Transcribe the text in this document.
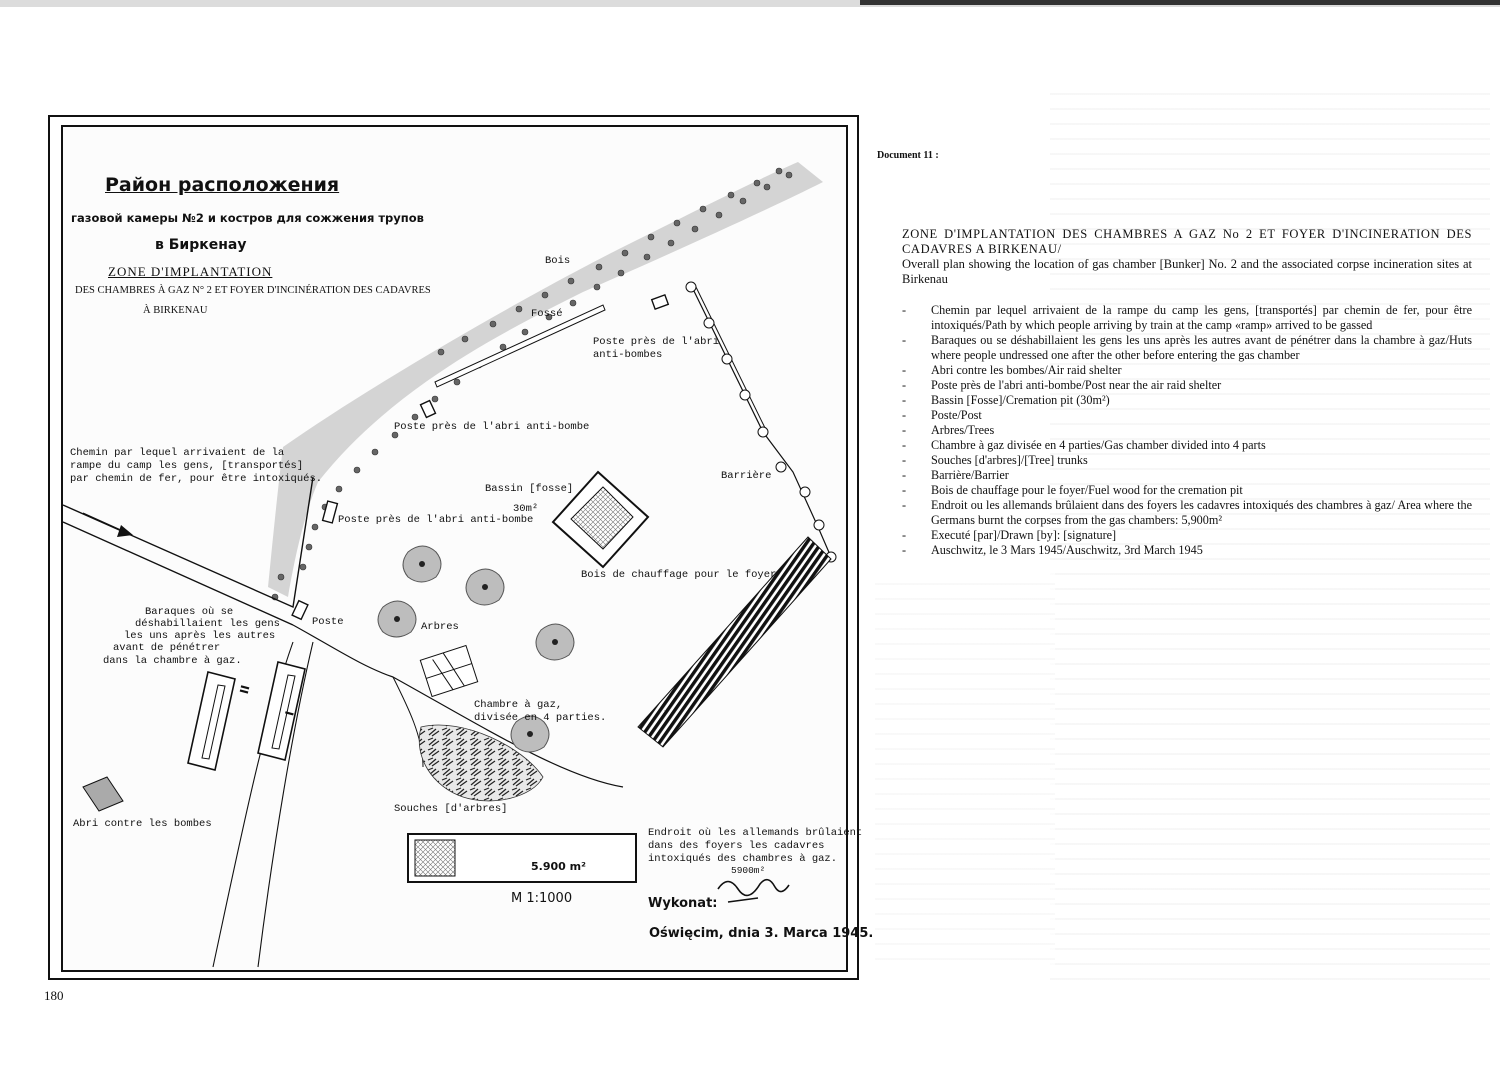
Район расположения
газовой камеры №2 и костров для сожжения трупов
в Биркенау
ZONE D'IMPLANTATION
DES CHAMBRES À GAZ N° 2 ET FOYER D'INCINÉRATION DES CADAVRES
À BIRKENAU
Bois
Fossé
Poste près de l'abri
anti-bombes
Poste près de l'abri anti-bombe
Chemin par lequel arrivaient de la
rampe du camp les gens, [transportés]
par chemin de fer, pour être intoxiqués.
Bassin [fosse]
30m²
Barrière
Poste près de l'abri anti-bombe
Bois de chauffage pour le foyer
Poste	Arbres
Baraques où se
déshabillaient les gens
les uns après les autres
avant de pénétrer
dans la chambre à gaz.
II
I
Chambre à gaz,
divisée en 4 parties.
Souches [d'arbres]
Abri contre les bombes
Endroit où les allemands brûlaient
dans des foyers les cadavres
intoxiqués des chambres à gaz.
5900m²
5.900 m²
M 1:1000	Wykonat:
Oświęcim, dnia 3. Marca 1945.
Document 11 :
ZONE D'IMPLANTATION DES CHAMBRES A GAZ No 2 ET FOYER D'INCINERATION DES CADAVRES A BIRKENAU/
Overall plan showing the location of gas chamber [Bunker] No. 2 and the associated corpse incineration sites at Birkenau
- Chemin par lequel arrivaient de la rampe du camp les gens, [transportés] par chemin de fer, pour être intoxiqués/Path by which people arriving by train at the camp «ramp» arrived to be gassed
- Baraques ou se déshabillaient les gens les uns après les autres avant de pénétrer dans la chambre à gaz/Huts where people undressed one after the other before entering the gas chamber
- Abri contre les bombes/Air raid shelter
- Poste près de l'abri anti-bombe/Post near the air raid shelter
- Bassin [Fosse]/Cremation pit (30m²)
- Poste/Post
- Arbres/Trees
- Chambre à gaz divisée en 4 parties/Gas chamber divided into 4 parts
- Souches [d'arbres]/[Tree] trunks
- Barrière/Barrier
- Bois de chauffage pour le foyer/Fuel wood for the cremation pit
- Endroit ou les allemands brûlaient dans des foyers les cadavres intoxiqués des chambres à gaz/ Area where the Germans burnt the corpses from the gas chambers: 5,900m²
- Executé [par]/Drawn [by]: [signature]
- Auschwitz, le 3 Mars 1945/Auschwitz, 3rd March 1945
180
